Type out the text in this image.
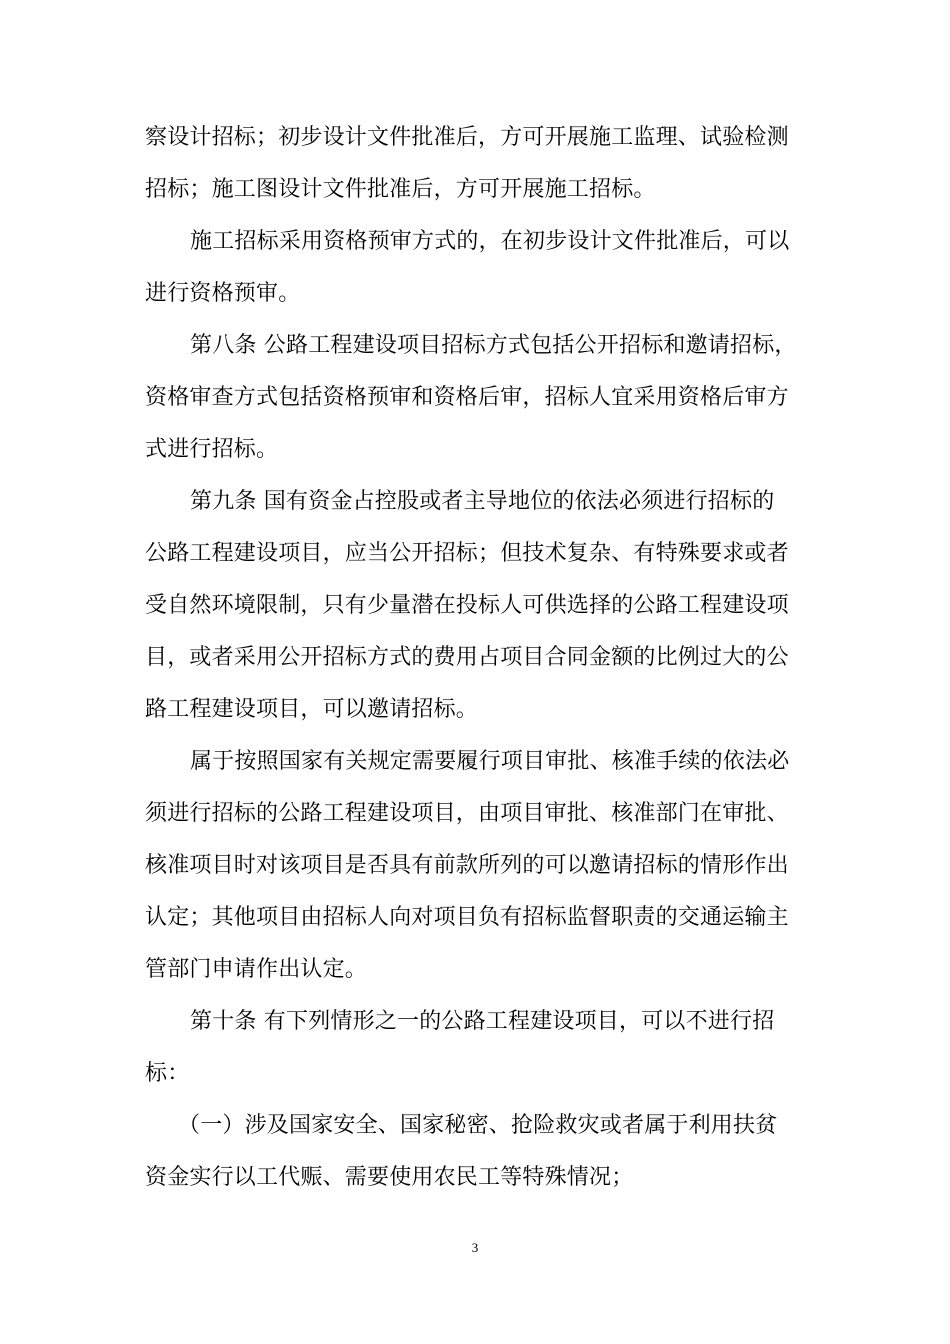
察设计招标；初步设计文件批准后，方可开展施工监理、试验检测
招标；施工图设计文件批准后，方可开展施工招标。
施工招标采用资格预审方式的，在初步设计文件批准后，可以
进行资格预审。
第八条 公路工程建设项目招标方式包括公开招标和邀请招标，
资格审查方式包括资格预审和资格后审，招标人宜采用资格后审方
式进行招标。
第九条 国有资金占控股或者主导地位的依法必须进行招标的
公路工程建设项目，应当公开招标；但技术复杂、有特殊要求或者
受自然环境限制，只有少量潜在投标人可供选择的公路工程建设项
目，或者采用公开招标方式的费用占项目合同金额的比例过大的公
路工程建设项目，可以邀请招标。
属于按照国家有关规定需要履行项目审批、核准手续的依法必
须进行招标的公路工程建设项目，由项目审批、核准部门在审批、
核准项目时对该项目是否具有前款所列的可以邀请招标的情形作出
认定；其他项目由招标人向对项目负有招标监督职责的交通运输主
管部门申请作出认定。
第十条 有下列情形之一的公路工程建设项目，可以不进行招
标：
（一）涉及国家安全、国家秘密、抢险救灾或者属于利用扶贫
资金实行以工代赈、需要使用农民工等特殊情况；
3
